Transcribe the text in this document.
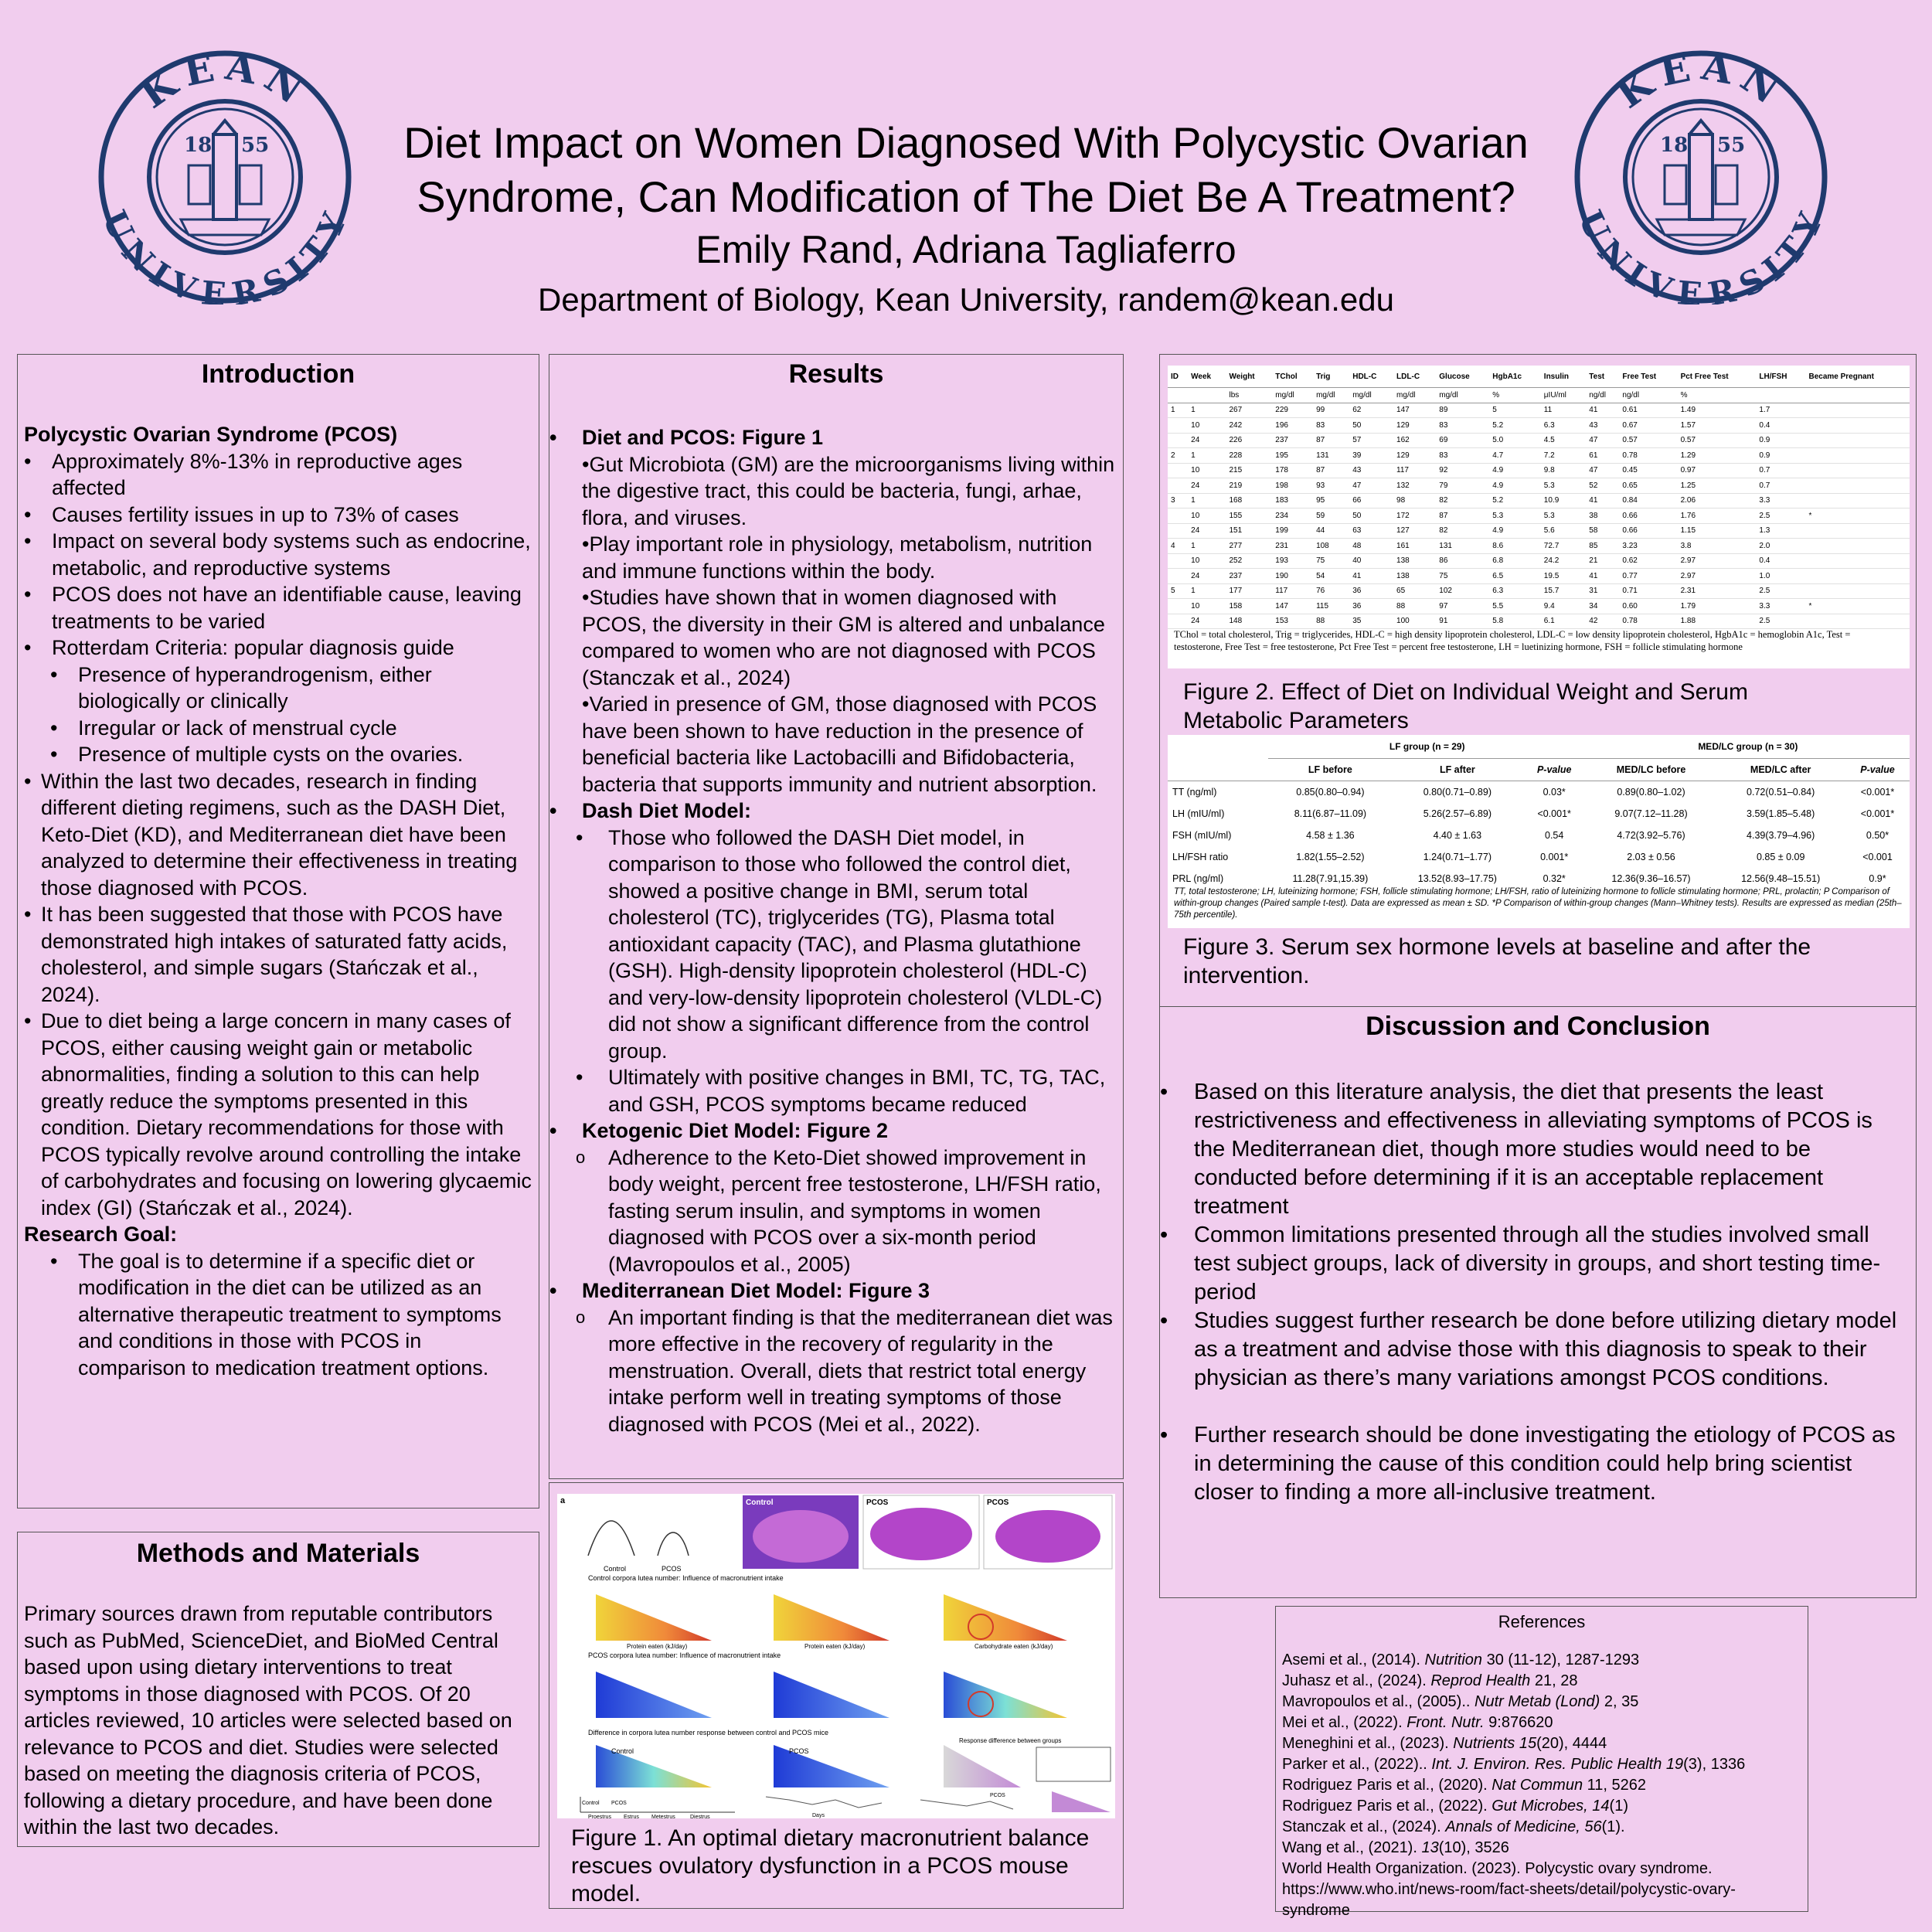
KEAN
UNIVERSITY
18 55
KEAN
UNIVERSITY
18 55
Diet Impact on Women Diagnosed With Polycystic Ovarian
Syndrome, Can Modification of The Diet Be A Treatment?
Emily Rand, Adriana Tagliaferro
Department of Biology, Kean University, randem@kean.edu
Introduction
Polycystic Ovarian Syndrome (PCOS)
• Approximately 8%-13% in reproductive ages affected
• Causes fertility issues in up to 73% of cases
• Impact on several body systems such as endocrine, metabolic, and reproductive systems
• PCOS does not have an identifiable cause, leaving treatments to be varied
• Rotterdam Criteria: popular diagnosis guide
• Presence of hyperandrogenism, either biologically or clinically
• Irregular or lack of menstrual cycle
• Presence of multiple cysts on the ovaries.
• Within the last two decades, research in finding different dieting regimens, such as the DASH Diet, Keto-Diet (KD), and Mediterranean diet have been analyzed to determine their effectiveness in treating those diagnosed with PCOS.
• It has been suggested that those with PCOS have demonstrated high intakes of saturated fatty acids, cholesterol, and simple sugars (Stańczak et al., 2024).
• Due to diet being a large concern in many cases of PCOS, either causing weight gain or metabolic abnormalities, finding a solution to this can help greatly reduce the symptoms presented in this condition. Dietary recommendations for those with PCOS typically revolve around controlling the intake of carbohydrates and focusing on lowering glycaemic index (GI) (Stańczak et al., 2024).
Research Goal:
• The goal is to determine if a specific diet or modification in the diet can be utilized as an alternative therapeutic treatment to symptoms and conditions in those with PCOS in comparison to medication treatment options.
Methods and Materials
Primary sources drawn from reputable contributors such as PubMed, ScienceDiet, and BioMed Central based upon using dietary interventions to treat symptoms in those diagnosed with PCOS. Of 20 articles reviewed, 10 articles were selected based on relevance to PCOS and diet. Studies were selected based on meeting the diagnosis criteria of PCOS, following a dietary procedure, and have been done within the last two decades.
Results
• Diet and PCOS: Figure 1
•Gut Microbiota (GM) are the microorganisms living within the digestive tract, this could be bacteria, fungi, arhae, flora, and viruses.
•Play important role in physiology, metabolism, nutrition and immune functions within the body.
•Studies have shown that in women diagnosed with PCOS, the diversity in their GM is altered and unbalance compared to women who are not diagnosed with PCOS (Stanczak et al., 2024)
•Varied in presence of GM, those diagnosed with PCOS have been shown to have reduction in the presence of beneficial bacteria like Lactobacilli and Bifidobacteria, bacteria that supports immunity and nutrient absorption.
• Dash Diet Model:
• Those who followed the DASH Diet model, in comparison to those who followed the control diet, showed a positive change in BMI, serum total cholesterol (TC), triglycerides (TG), Plasma total antioxidant capacity (TAC), and Plasma glutathione (GSH). High-density lipoprotein cholesterol (HDL-C) and very-low-density lipoprotein cholesterol (VLDL-C) did not show a significant difference from the control group.
• Ultimately with positive changes in BMI, TC, TG, TAC, and GSH, PCOS symptoms became reduced
• Ketogenic Diet Model: Figure 2
o Adherence to the Keto-Diet showed improvement in body weight, percent free testosterone, LH/FSH ratio, fasting serum insulin, and symptoms in women diagnosed with PCOS over a six-month period (Mavropoulos et al., 2005)
• Mediterranean Diet Model: Figure 3
o An important finding is that the mediterranean diet was more effective in the recovery of regularity in the menstruation. Overall, diets that restrict total energy intake perform well in treating symptoms of those diagnosed with PCOS (Mei et al., 2022).
a
Control	PCOS
Control	PCOS	PCOS
Control corpora lutea number: Influence of macronutrient intake
PCOS corpora lutea number: Influence of macronutrient intake
Difference in corpora lutea number response between control and PCOS mice
Control	PCOS
Response difference between groups
Protein eaten (kJ/day)	Protein eaten (kJ/day)	Carbohydrate eaten (kJ/day)
Control PCOS
Proestrus Estrus Metestrus	Diestrus
PCOS
Days
Figure 1. An optimal dietary macronutrient balance rescues ovulatory dysfunction in a PCOS mouse model.
ID	Week	Weight	TChol	Trig	HDL-C	LDL-C	Glucose	HgbA1c	Insulin	Test	Free Test	Pct Free Test	LH/FSH	Became Pregnant
		lbs	mg/dl	mg/dl	mg/dl	mg/dl	mg/dl	%	μIU/ml	ng/dl	ng/dl	%		
1	1	267	229	99	62	147	89	5	11	41	0.61	1.49	1.7	
	10	242	196	83	50	129	83	5.2	6.3	43	0.67	1.57	0.4	
	24	226	237	87	57	162	69	5.0	4.5	47	0.57	0.57	0.9	
2	1	228	195	131	39	129	83	4.7	7.2	61	0.78	1.29	0.9	
	10	215	178	87	43	117	92	4.9	9.8	47	0.45	0.97	0.7	
	24	219	198	93	47	132	79	4.9	5.3	52	0.65	1.25	0.7	
3	1	168	183	95	66	98	82	5.2	10.9	41	0.84	2.06	3.3	
	10	155	234	59	50	172	87	5.3	5.3	38	0.66	1.76	2.5	*
	24	151	199	44	63	127	82	4.9	5.6	58	0.66	1.15	1.3	
4	1	277	231	108	48	161	131	8.6	72.7	85	3.23	3.8	2.0	
	10	252	193	75	40	138	86	6.8	24.2	21	0.62	2.97	0.4	
	24	237	190	54	41	138	75	6.5	19.5	41	0.77	2.97	1.0	
5	1	177	117	76	36	65	102	6.3	15.7	31	0.71	2.31	2.5	
	10	158	147	115	36	88	97	5.5	9.4	34	0.60	1.79	3.3	*
	24	148	153	88	35	100	91	5.8	6.1	42	0.78	1.88	2.5	
TChol = total cholesterol, Trig = triglycerides, HDL-C = high density lipoprotein cholesterol, LDL-C = low density lipoprotein cholesterol, HgbA1c = hemoglobin A1c, Test = testosterone, Free Test = free testosterone, Pct Free Test = percent free testosterone, LH = luetinizing hormone, FSH = follicle stimulating hormone
Figure 2. Effect of Diet on Individual Weight and Serum Metabolic Parameters
	LF group (n = 29)			MED/LC group (n = 30)		
	LF before	LF after	P-value	MED/LC before	MED/LC after	P-value
TT (ng/ml)	0.85(0.80–0.94)	0.80(0.71–0.89)	0.03*	0.89(0.80–1.02)	0.72(0.51–0.84)	<0.001*
LH (mIU/ml)	8.11(6.87–11.09)	5.26(2.57–6.89)	<0.001*	9.07(7.12–11.28)	3.59(1.85–5.48)	<0.001*
FSH (mIU/ml)	4.58 ± 1.36	4.40 ± 1.63	0.54	4.72(3.92–5.76)	4.39(3.79–4.96)	0.50*
LH/FSH ratio	1.82(1.55–2.52)	1.24(0.71–1.77)	0.001*	2.03 ± 0.56	0.85 ± 0.09	<0.001
PRL (ng/ml)	11.28(7.91,15.39)	13.52(8.93–17.75)	0.32*	12.36(9.36–16.57)	12.56(9.48–15.51)	0.9*
TT, total testosterone; LH, luteinizing hormone; FSH, follicle stimulating hormone; LH/FSH, ratio of luteinizing hormone to follicle stimulating hormone; PRL, prolactin; P Comparison of within-group changes (Paired sample t-test). Data are expressed as mean ± SD. *P Comparison of within-group changes (Mann–Whitney tests). Results are expressed as median (25th–75th percentile).
Figure 3. Serum sex hormone levels at baseline and after the intervention.
Discussion and Conclusion
• Based on this literature analysis, the diet that presents the least restrictiveness and effectiveness in alleviating symptoms of PCOS is the Mediterranean diet, though more studies would need to be conducted before determining if it is an acceptable replacement treatment
• Common limitations presented through all the studies involved small test subject groups, lack of diversity in groups, and short testing time-period
• Studies suggest further research be done before utilizing dietary model as a treatment and advise those with this diagnosis to speak to their physician as there’s many variations amongst PCOS conditions.
• Further research should be done investigating the etiology of PCOS as in determining the cause of this condition could help bring scientist closer to finding a more all-inclusive treatment.
References
Asemi et al., (2014). Nutrition 30 (11-12), 1287-1293
Juhasz et al., (2024). Reprod Health 21, 28
Mavropoulos et al., (2005).. Nutr Metab (Lond) 2, 35
Mei et al., (2022). Front. Nutr. 9:876620
Meneghini et al., (2023). Nutrients 15(20), 4444
Parker et al., (2022).. Int. J. Environ. Res. Public Health 19(3), 1336
Rodriguez Paris et al., (2020). Nat Commun 11, 5262
Rodriguez Paris et al., (2022). Gut Microbes, 14(1)
Stanczak et al., (2024). Annals of Medicine, 56(1).
Wang et al., (2021). 13(10), 3526
World Health Organization. (2023). Polycystic ovary syndrome. https://www.who.int/news-room/fact-sheets/detail/polycystic-ovary-syndrome
